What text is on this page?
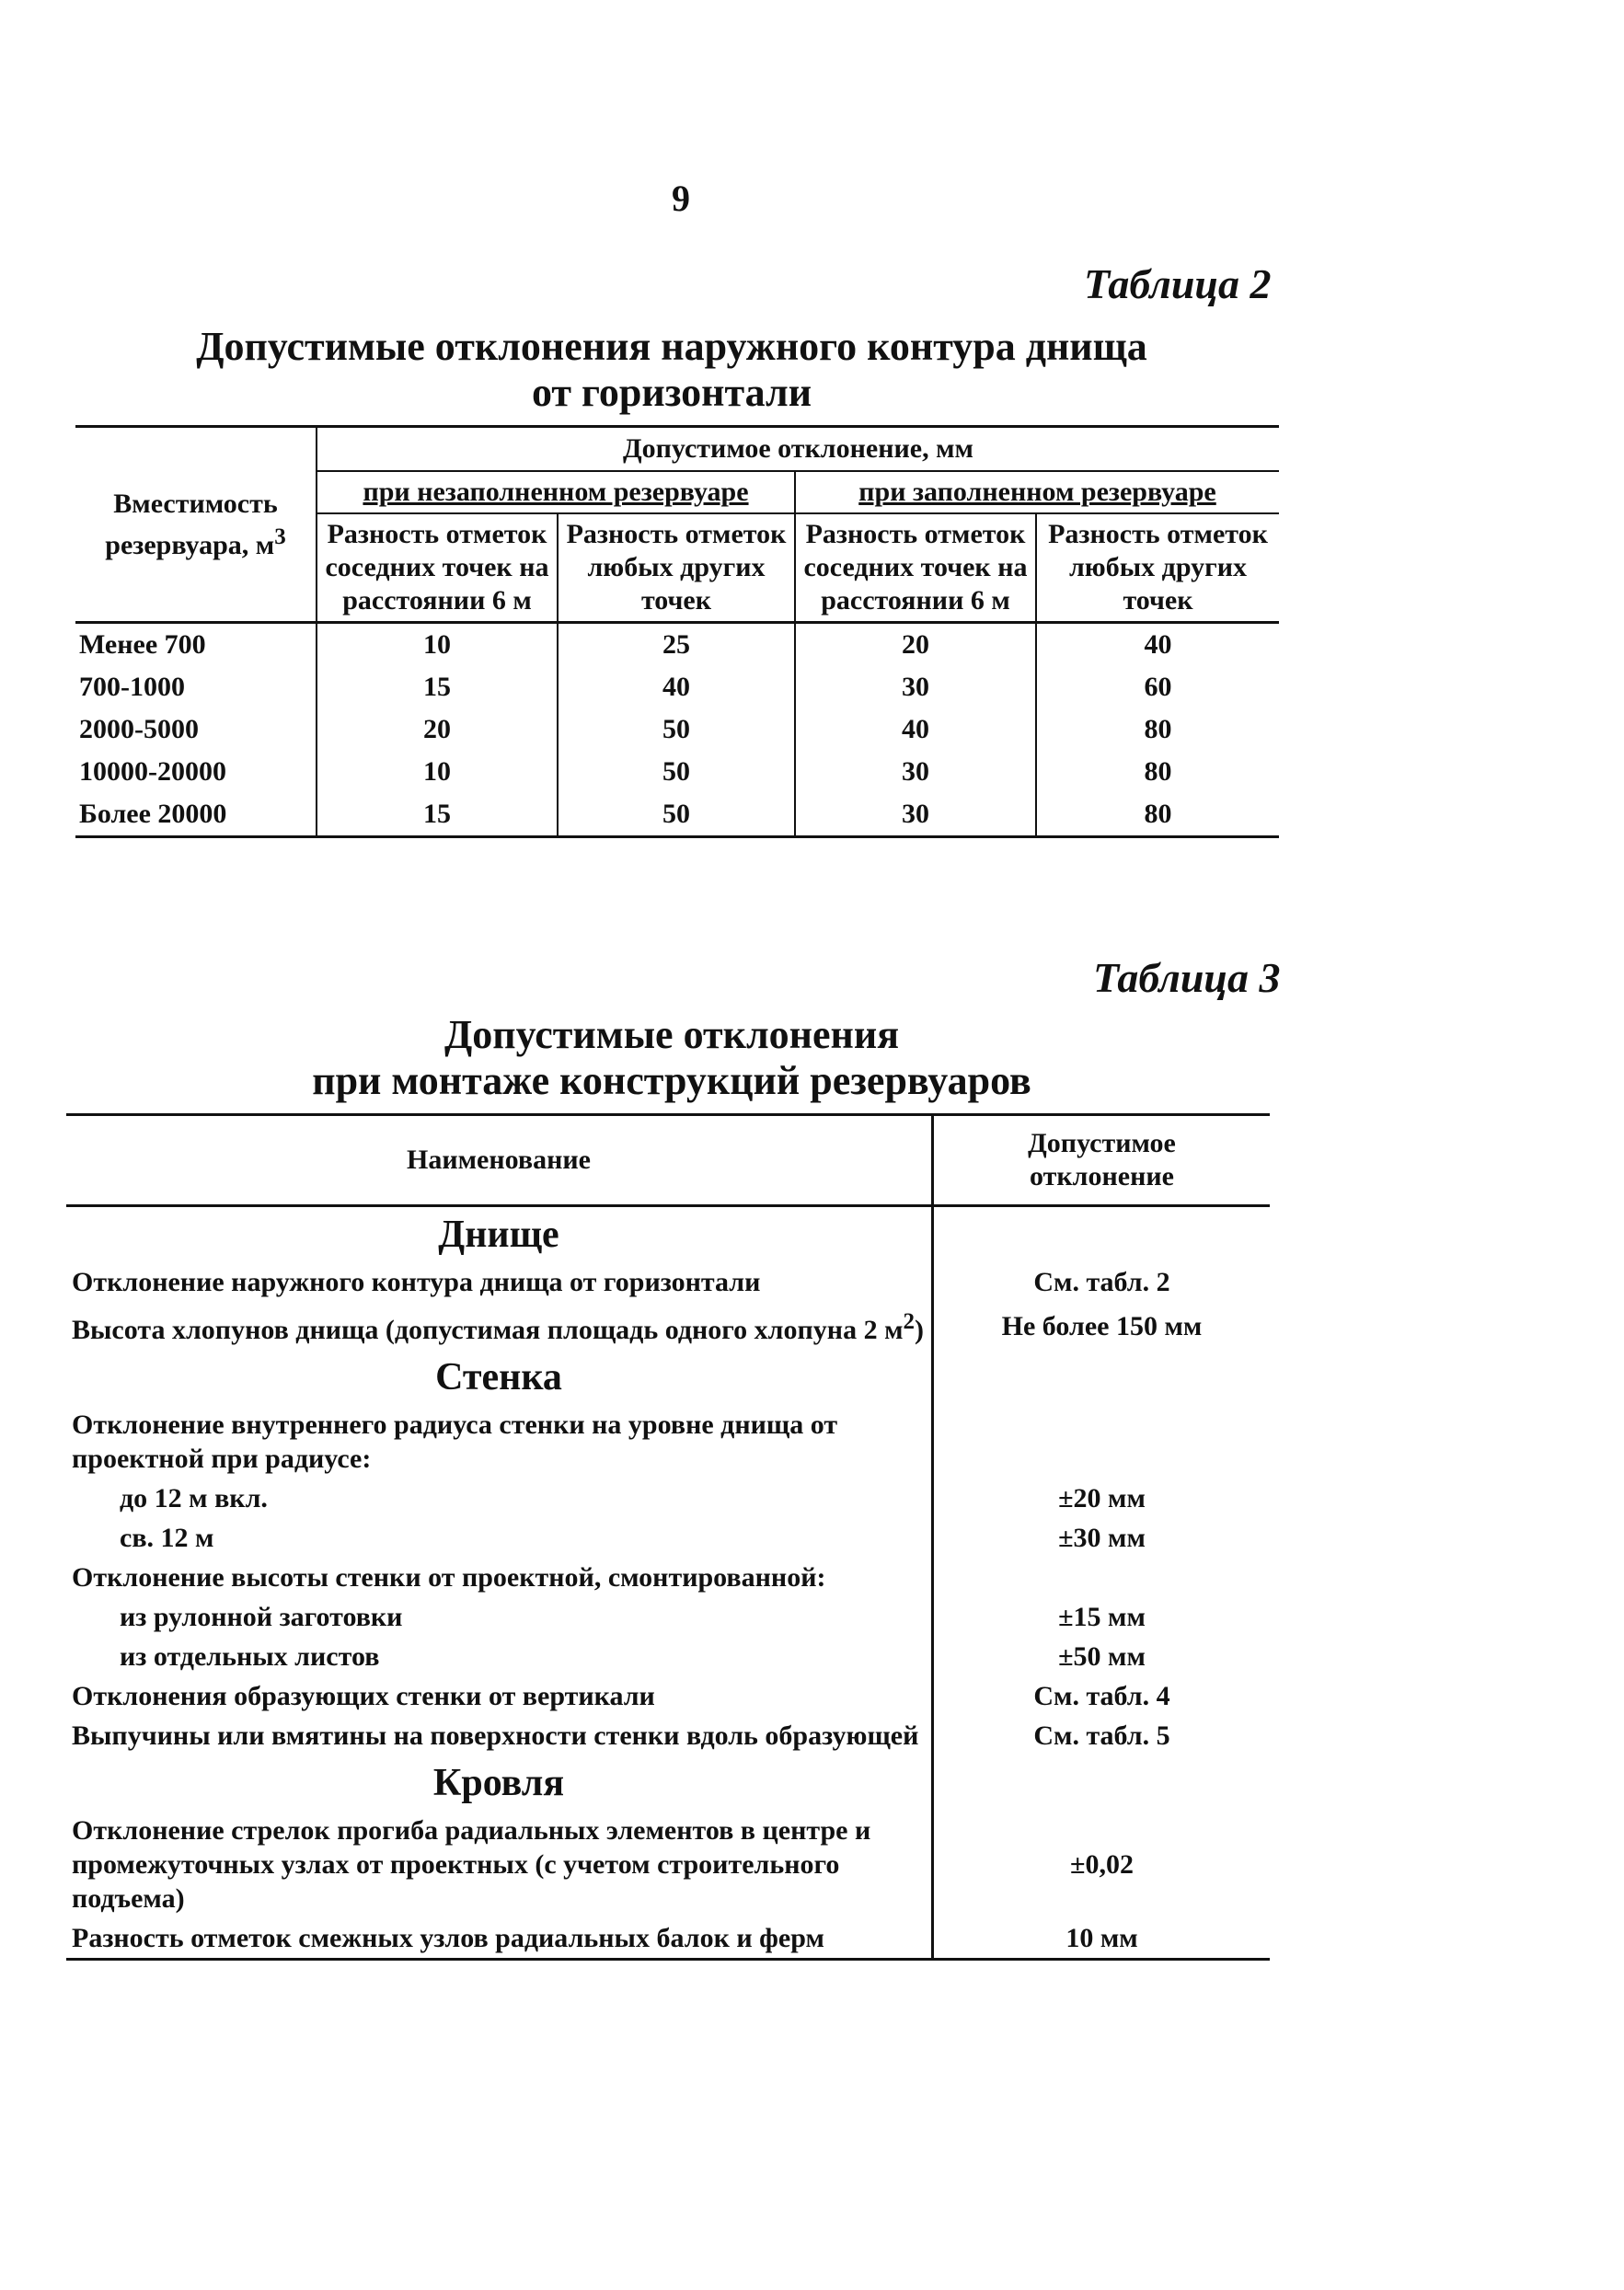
9
Таблица 2
Допустимые отклонения наружного контура днища
от горизонтали
Вместимость резервуара, $м^3$	Допустимое отклонение, мм			
	при незаполненном резервуаре		при заполненном резервуаре	
	Разность отметок соседних точек на расстоянии 6 м	Разность отметок любых других точек	Разность отметок соседних точек на расстоянии 6 м	Разность отметок любых других точек
Менее 700	10	25	20	40
700-1000	15	40	30	60
2000-5000	20	50	40	80
10000-20000	10	50	30	80
Более 20000	15	50	30	80
Таблица 3
Допустимые отклонения
при монтаже конструкций резервуаров
Наименование	Допустимое отклонение
Днище	
Отклонение наружного контура днища от горизонтали	См. табл. 2
Высота хлопунов днища (допустимая площадь одного хлопуна 2 $м^2$)	Не более 150 мм
Стенка	
Отклонение внутреннего радиуса стенки на уровне днища от проектной при радиусе:	
до 12 м вкл.	±20 мм
св. 12 м	±30 мм
Отклонение высоты стенки от проектной, смонтированной:	
из рулонной заготовки	±15 мм
из отдельных листов	±50 мм
Отклонения образующих стенки от вертикали	См. табл. 4
Выпучины или вмятины на поверхности стенки вдоль образующей	См. табл. 5
Кровля	
Отклонение стрелок прогиба радиальных элементов в центре и промежуточных узлах от проектных (с учетом строительного подъема)	±0,02
Разность отметок смежных узлов радиальных балок и ферм	10 мм
